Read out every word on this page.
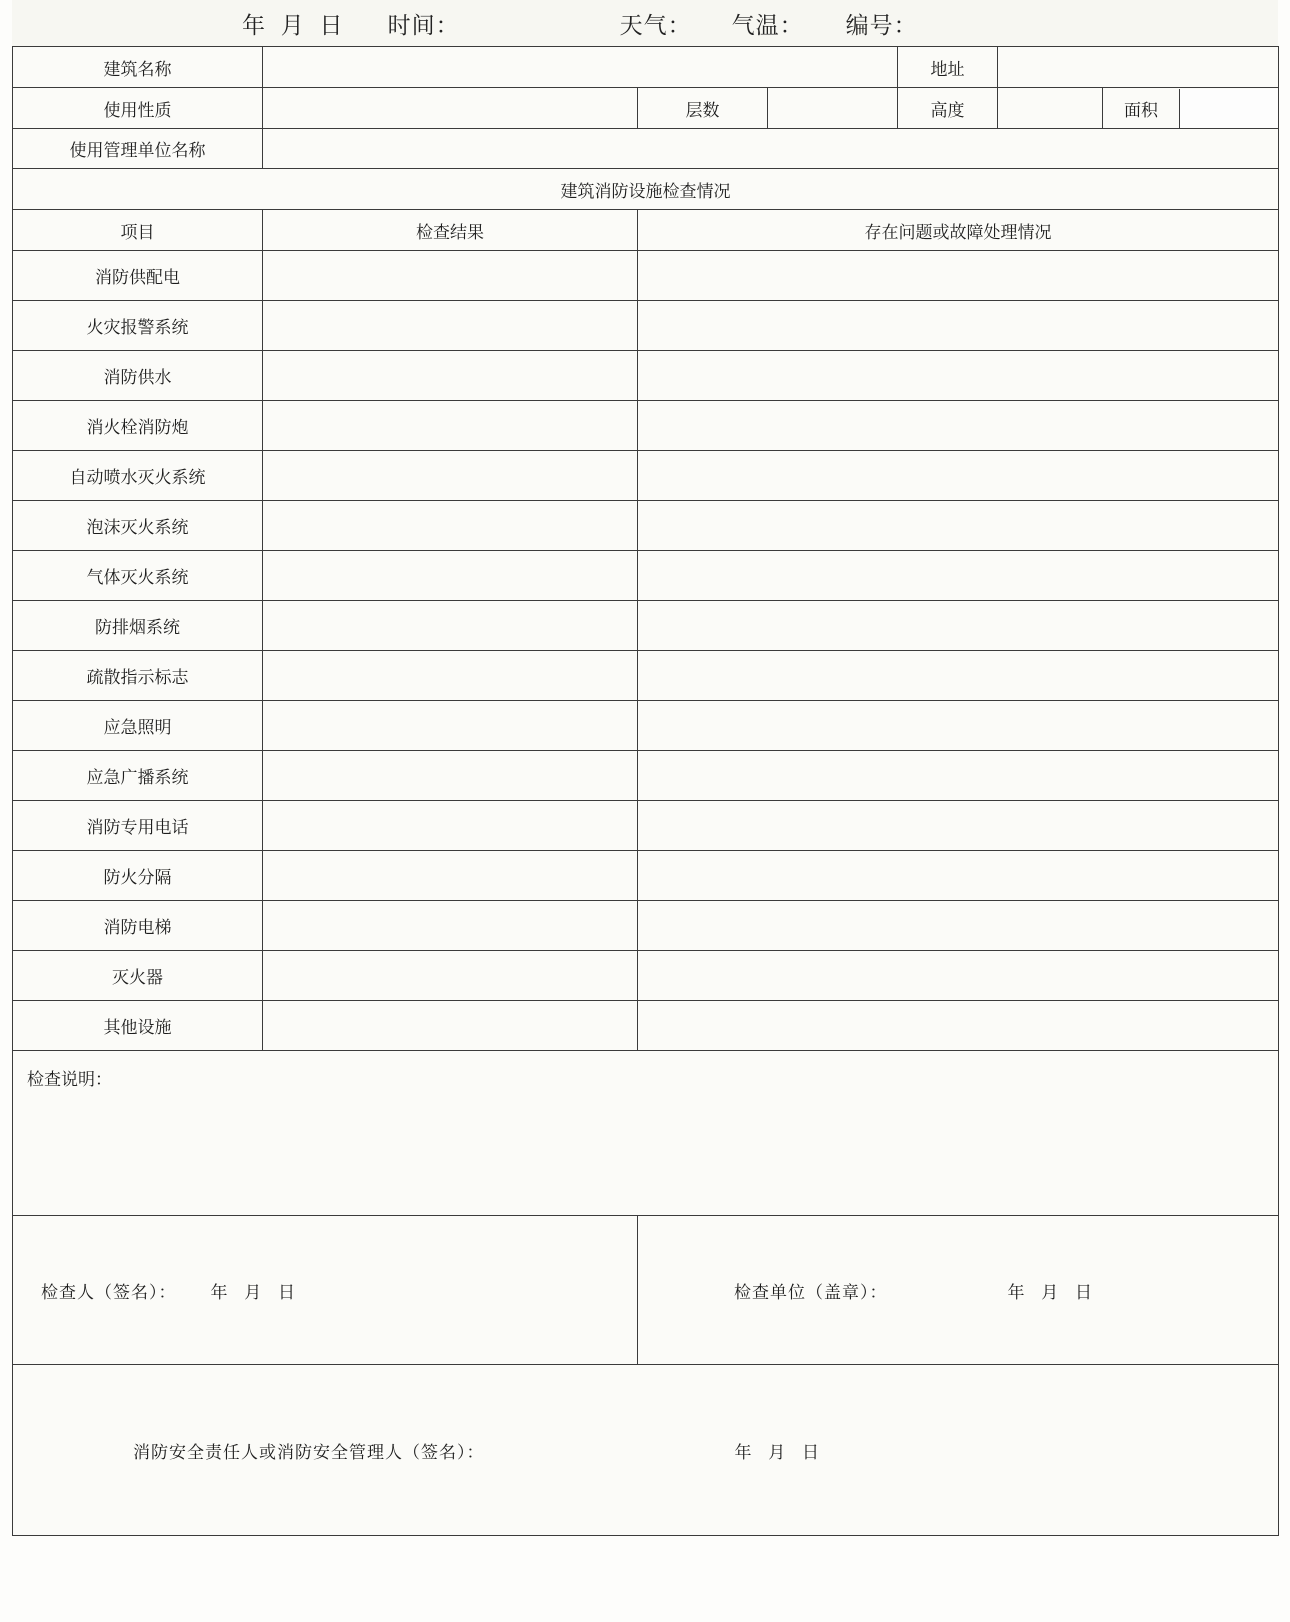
年  月  日 时间：	天气： 气温： 编号：
建筑名称		地址	
使用性质		层数		高度			面积	

使用管理单位名称	
建筑消防设施检查情况
项目	检查结果	存在问题或故障处理情况
消防供配电		
火灾报警系统		
消防供水		
消火栓消防炮		
自动喷水灭火系统		
泡沫灭火系统		
气体灭火系统		
防排烟系统		
疏散指示标志		
应急照明		
应急广播系统		
消防专用电话		
防火分隔		
消防电梯		
灭火器		
其他设施		
检查说明：
检查人（签名）： 年 月 日	检查单位（盖章）：	年 月 日
消防安全责任人或消防安全管理人（签名）：	年 月 日
